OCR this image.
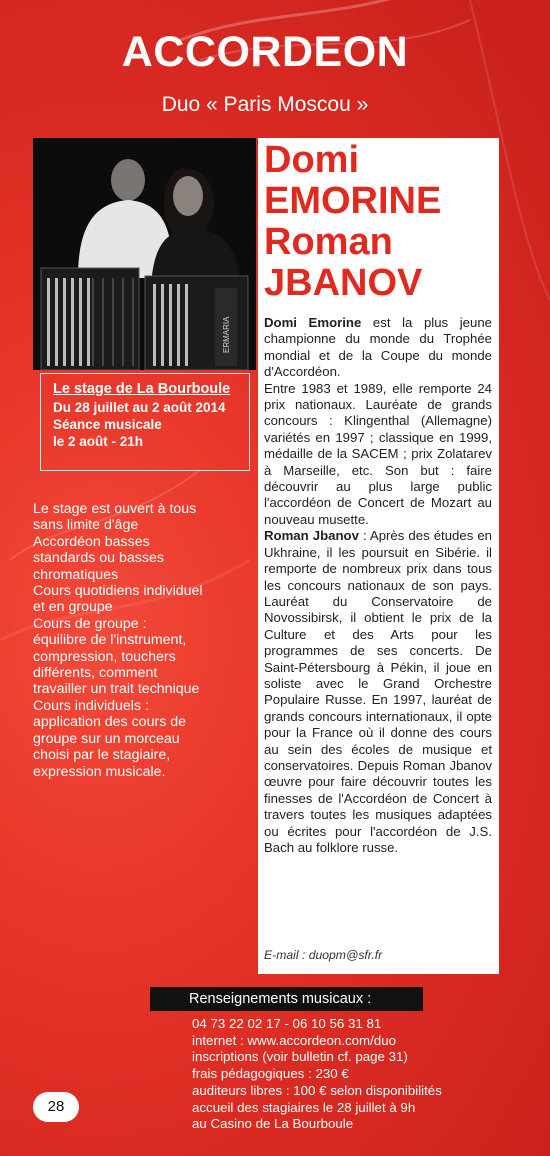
ACCORDEON
Duo « Paris Moscou »
ERMARIA
Domi
EMORINE
Roman
JBANOV

Domi Emorine est la plus jeune championne du monde du Trophée mondial et de la Coupe du monde d'Accordéon.

Entre 1983 et 1989, elle remporte 24 prix nationaux. Lauréate de grands concours : Klingenthal (Allemagne) variétés en 1997 ; classique en 1999, médaille de la SACEM ; prix Zolatarev à Marseille, etc. Son but : faire découvrir au plus large public l'accordéon de Concert de Mozart au nouveau musette.

Roman Jbanov : Après des études en Ukhraine, il les poursuit en Sibérie. il remporte de nombreux prix dans tous les concours nationaux de son pays. Lauréat du Conservatoire de Novossibirsk, il obtient le prix de la Culture et des Arts pour les programmes de ses concerts. De Saint-Pétersbourg à Pékin, il joue en soliste avec le Grand Orchestre Populaire Russe. En 1997, lauréat de grands concours internationaux, il opte pour la France où il donne des cours au sein des écoles de musique et conservatoires. Depuis Roman Jbanov œuvre pour faire découvrir toutes les finesses de l'Accordéon de Concert à travers toutes les musiques adaptées ou écrites pour l'accordéon de J.S. Bach au folklore russe.

E-mail : duopm@sfr.fr
Le stage de La Bourboule
Du 28 juillet au 2 août 2014
Séance musicale
le 2 août - 21h
Le stage est ouvert à tous
sans limite d'âge
Accordéon basses
standards ou basses
chromatiques
Cours quotidiens individuel
et en groupe
Cours de groupe :
équilibre de l'instrument,
compression, touchers
différents, comment
travailler un trait technique
Cours individuels :
application des cours de
groupe sur un morceau
choisi par le stagiaire,
expression musicale.
Renseignements musicaux :
04 73 22 02 17 - 06 10 56 31 81
internet : www.accordeon.com/duo
inscriptions (voir bulletin cf. page 31)
frais pédagogiques : 230 €
auditeurs libres : 100 € selon disponibilités
accueil des stagiaires le 28 juillet à 9h
au Casino de La Bourboule
28
